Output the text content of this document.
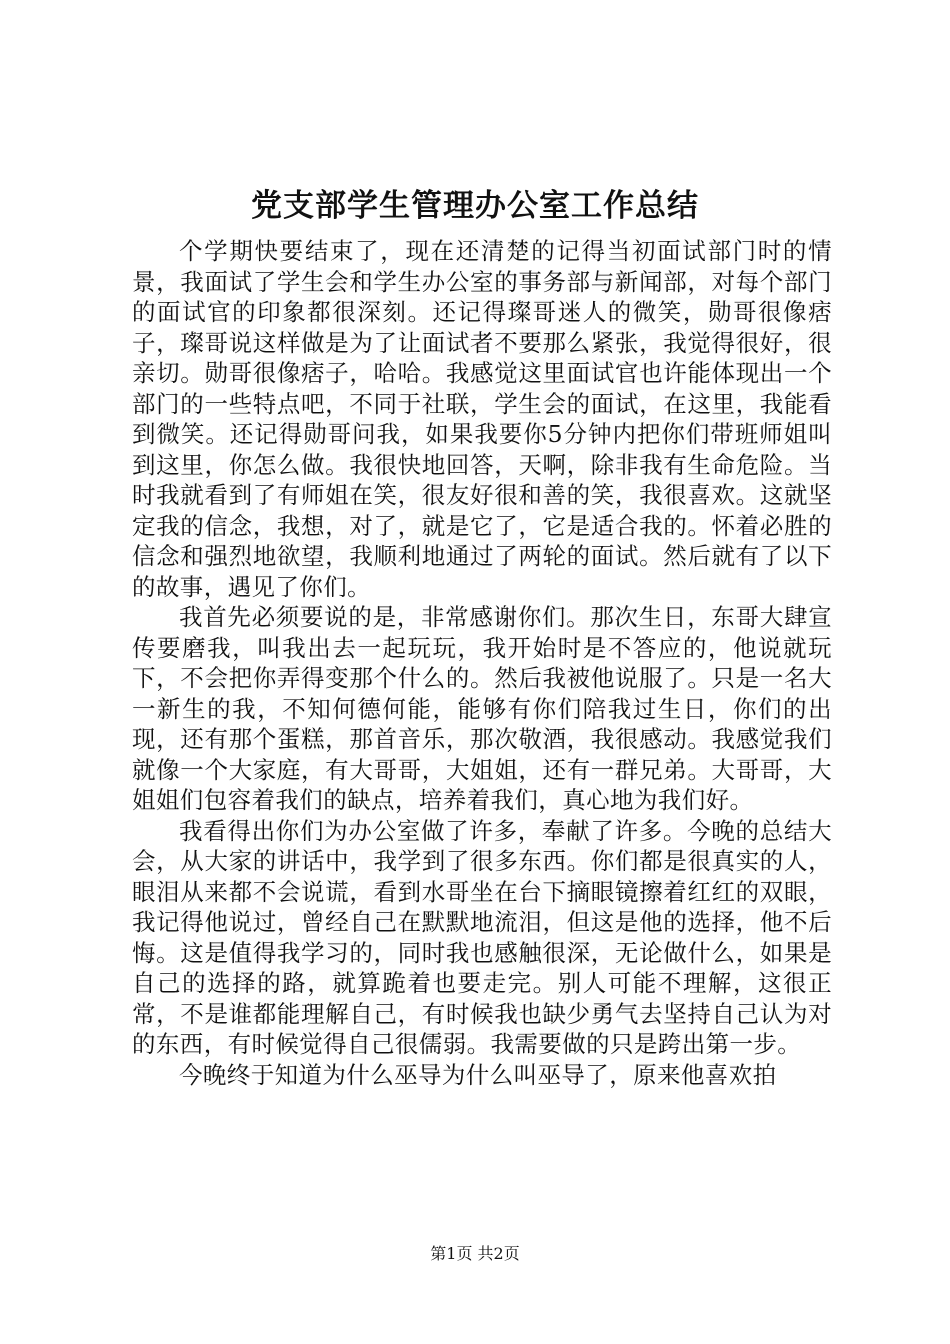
党支部学生管理办公室工作总结

个学期快要结束了，现在还清楚的记得当初面试部门时的情景，我面试了学生会和学生办公室的事务部与新闻部，对每个部门的面试官的印象都很深刻。还记得璨哥迷人的微笑，勋哥很像痞子，璨哥说这样做是为了让面试者不要那么紧张，我觉得很好，很亲切。勋哥很像痞子，哈哈。我感觉这里面试官也许能体现出一个部门的一些特点吧，不同于社联，学生会的面试，在这里，我能看到微笑。还记得勋哥问我，如果我要你5分钟内把你们带班师姐叫到这里，你怎么做。我很快地回答，天啊，除非我有生命危险。当时我就看到了有师姐在笑，很友好很和善的笑，我很喜欢。这就坚定我的信念，我想，对了，就是它了，它是适合我的。怀着必胜的信念和强烈地欲望，我顺利地通过了两轮的面试。然后就有了以下的故事，遇见了你们。

我首先必须要说的是，非常感谢你们。那次生日，东哥大肆宣传要磨我，叫我出去一起玩玩，我开始时是不答应的，他说就玩下，不会把你弄得变那个什么的。然后我被他说服了。只是一名大一新生的我，不知何德何能，能够有你们陪我过生日，你们的出现，还有那个蛋糕，那首音乐，那次敬酒，我很感动。我感觉我们就像一个大家庭，有大哥哥，大姐姐，还有一群兄弟。大哥哥，大姐姐们包容着我们的缺点，培养着我们，真心地为我们好。

我看得出你们为办公室做了许多，奉献了许多。今晚的总结大会，从大家的讲话中，我学到了很多东西。你们都是很真实的人，眼泪从来都不会说谎，看到水哥坐在台下摘眼镜擦着红红的双眼，我记得他说过，曾经自己在默默地流泪，但这是他的选择，他不后悔。这是值得我学习的，同时我也感触很深，无论做什么，如果是自己的选择的路，就算跪着也要走完。别人可能不理解，这很正常，不是谁都能理解自己，有时候我也缺少勇气去坚持自己认为对的东西，有时候觉得自己很儒弱。我需要做的只是跨出第一步。

今晚终于知道为什么巫导为什么叫巫导了，原来他喜欢拍

第1页 共2页
